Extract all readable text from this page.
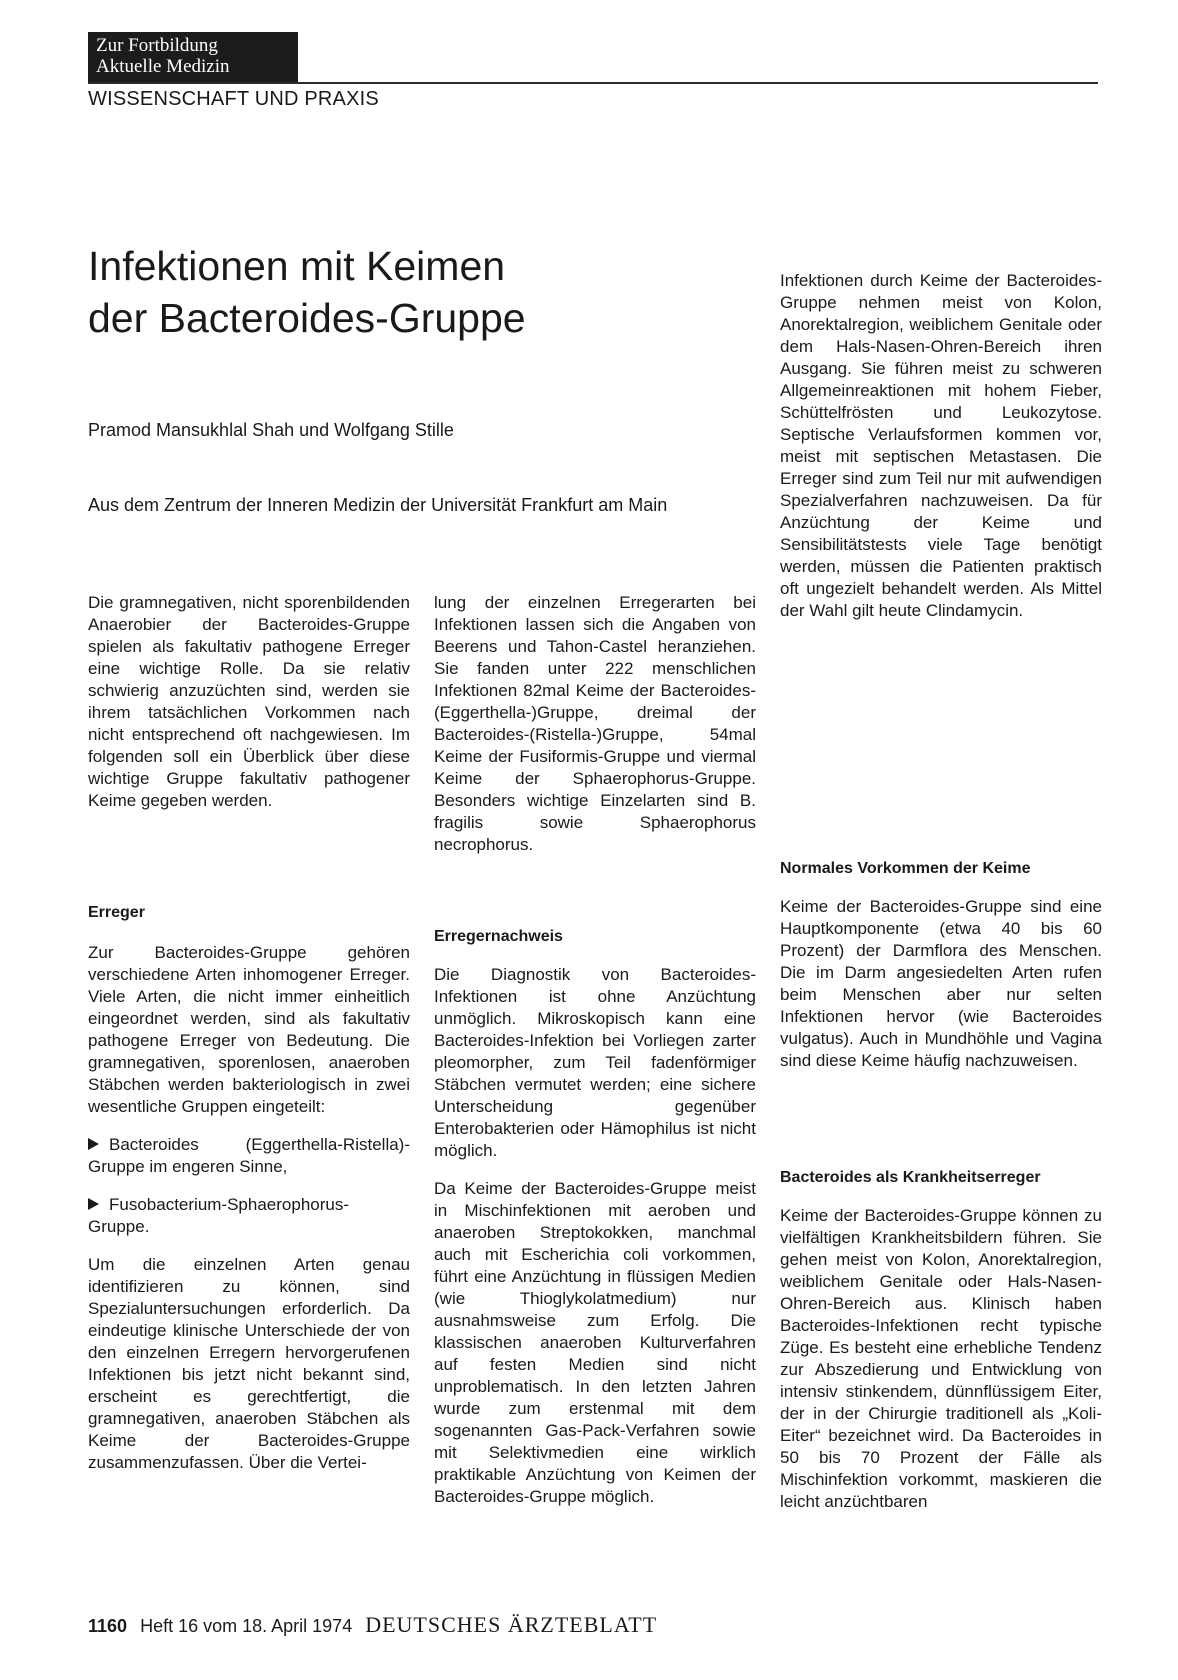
Zur Fortbildung
Aktuelle Medizin
WISSENSCHAFT UND PRAXIS
Infektionen mit Keimen
der Bacteroides-Gruppe
Pramod Mansukhlal Shah und Wolfgang Stille
Aus dem Zentrum der Inneren Medizin der Universität Frankfurt am Main

Die gramnegativen, nicht sporenbildenden Anaerobier der Bacteroides-Gruppe spielen als fakultativ pathogene Erreger eine wichtige Rolle. Da sie relativ schwierig anzuzüchten sind, werden sie ihrem tatsächlichen Vorkommen nach nicht entsprechend oft nachgewiesen. Im folgenden soll ein Überblick über diese wichtige Gruppe fakultativ pathogener Keime gegeben werden.

Erreger

Zur Bacteroides-Gruppe gehören verschiedene Arten inhomogener Erreger. Viele Arten, die nicht immer einheitlich eingeordnet werden, sind als fakultativ pathogene Erreger von Bedeutung. Die gramnegativen, sporenlosen, anaeroben Stäbchen werden bakteriologisch in zwei wesentliche Gruppen eingeteilt:

Bacteroides (Eggerthella-Ristella)-Gruppe im engeren Sinne,

Fusobacterium-Sphaerophorus-Gruppe.

Um die einzelnen Arten genau identifizieren zu können, sind Spezialuntersuchungen erforderlich. Da eindeutige klinische Unterschiede der von den einzelnen Erregern hervorgerufenen Infektionen bis jetzt nicht bekannt sind, erscheint es gerechtfertigt, die gramnegativen, anaeroben Stäbchen als Keime der Bacteroides-Gruppe zusammenzufassen. Über die Vertei-

lung der einzelnen Erregerarten bei Infektionen lassen sich die Angaben von Beerens und Tahon-Castel heranziehen. Sie fanden unter 222 menschlichen Infektionen 82mal Keime der Bacteroides-(Eggerthella-)Gruppe, dreimal der Bacteroides-(Ristella-)Gruppe, 54mal Keime der Fusiformis-Gruppe und viermal Keime der Sphaerophorus-Gruppe. Besonders wichtige Einzelarten sind B. fragilis sowie Sphaerophorus necrophorus.

Erregernachweis

Die Diagnostik von Bacteroides-Infektionen ist ohne Anzüchtung unmöglich. Mikroskopisch kann eine Bacteroides-Infektion bei Vorliegen zarter pleomorpher, zum Teil fadenförmiger Stäbchen vermutet werden; eine sichere Unterscheidung gegenüber Enterobakterien oder Hämophilus ist nicht möglich.

Da Keime der Bacteroides-Gruppe meist in Mischinfektionen mit aeroben und anaeroben Streptokokken, manchmal auch mit Escherichia coli vorkommen, führt eine Anzüchtung in flüssigen Medien (wie Thioglykolatmedium) nur ausnahmsweise zum Erfolg. Die klassischen anaeroben Kulturverfahren auf festen Medien sind nicht unproblematisch. In den letzten Jahren wurde zum erstenmal mit dem sogenannten Gas-Pack-Verfahren sowie mit Selektivmedien eine wirklich praktikable Anzüchtung von Keimen der Bacteroides-Gruppe möglich.

Infektionen durch Keime der Bacteroides-Gruppe nehmen meist von Kolon, Anorektalregion, weiblichem Genitale oder dem Hals-Nasen-Ohren-Bereich ihren Ausgang. Sie führen meist zu schweren Allgemeinreaktionen mit hohem Fieber, Schüttelfrösten und Leukozytose. Septische Verlaufsformen kommen vor, meist mit septischen Metastasen. Die Erreger sind zum Teil nur mit aufwendigen Spezialverfahren nachzuweisen. Da für Anzüchtung der Keime und Sensibilitätstests viele Tage benötigt werden, müssen die Patienten praktisch oft ungezielt behandelt werden. Als Mittel der Wahl gilt heute Clindamycin.

Normales Vorkommen der Keime

Keime der Bacteroides-Gruppe sind eine Hauptkomponente (etwa 40 bis 60 Prozent) der Darmflora des Menschen. Die im Darm angesiedelten Arten rufen beim Menschen aber nur selten Infektionen hervor (wie Bacteroides vulgatus). Auch in Mundhöhle und Vagina sind diese Keime häufig nachzuweisen.

Bacteroides als Krankheitserreger

Keime der Bacteroides-Gruppe können zu vielfältigen Krankheitsbildern führen. Sie gehen meist von Kolon, Anorektalregion, weiblichem Genitale oder Hals-Nasen-Ohren-Bereich aus. Klinisch haben Bacteroides-Infektionen recht typische Züge. Es besteht eine erhebliche Tendenz zur Abszedierung und Entwicklung von intensiv stinkendem, dünnflüssigem Eiter, der in der Chirurgie traditionell als „Koli-Eiter“ bezeichnet wird. Da Bacteroides in 50 bis 70 Prozent der Fälle als Mischinfektion vorkommt, maskieren die leicht anzüchtbaren

1160 Heft 16 vom 18. April 1974 DEUTSCHES ÄRZTEBLATT
